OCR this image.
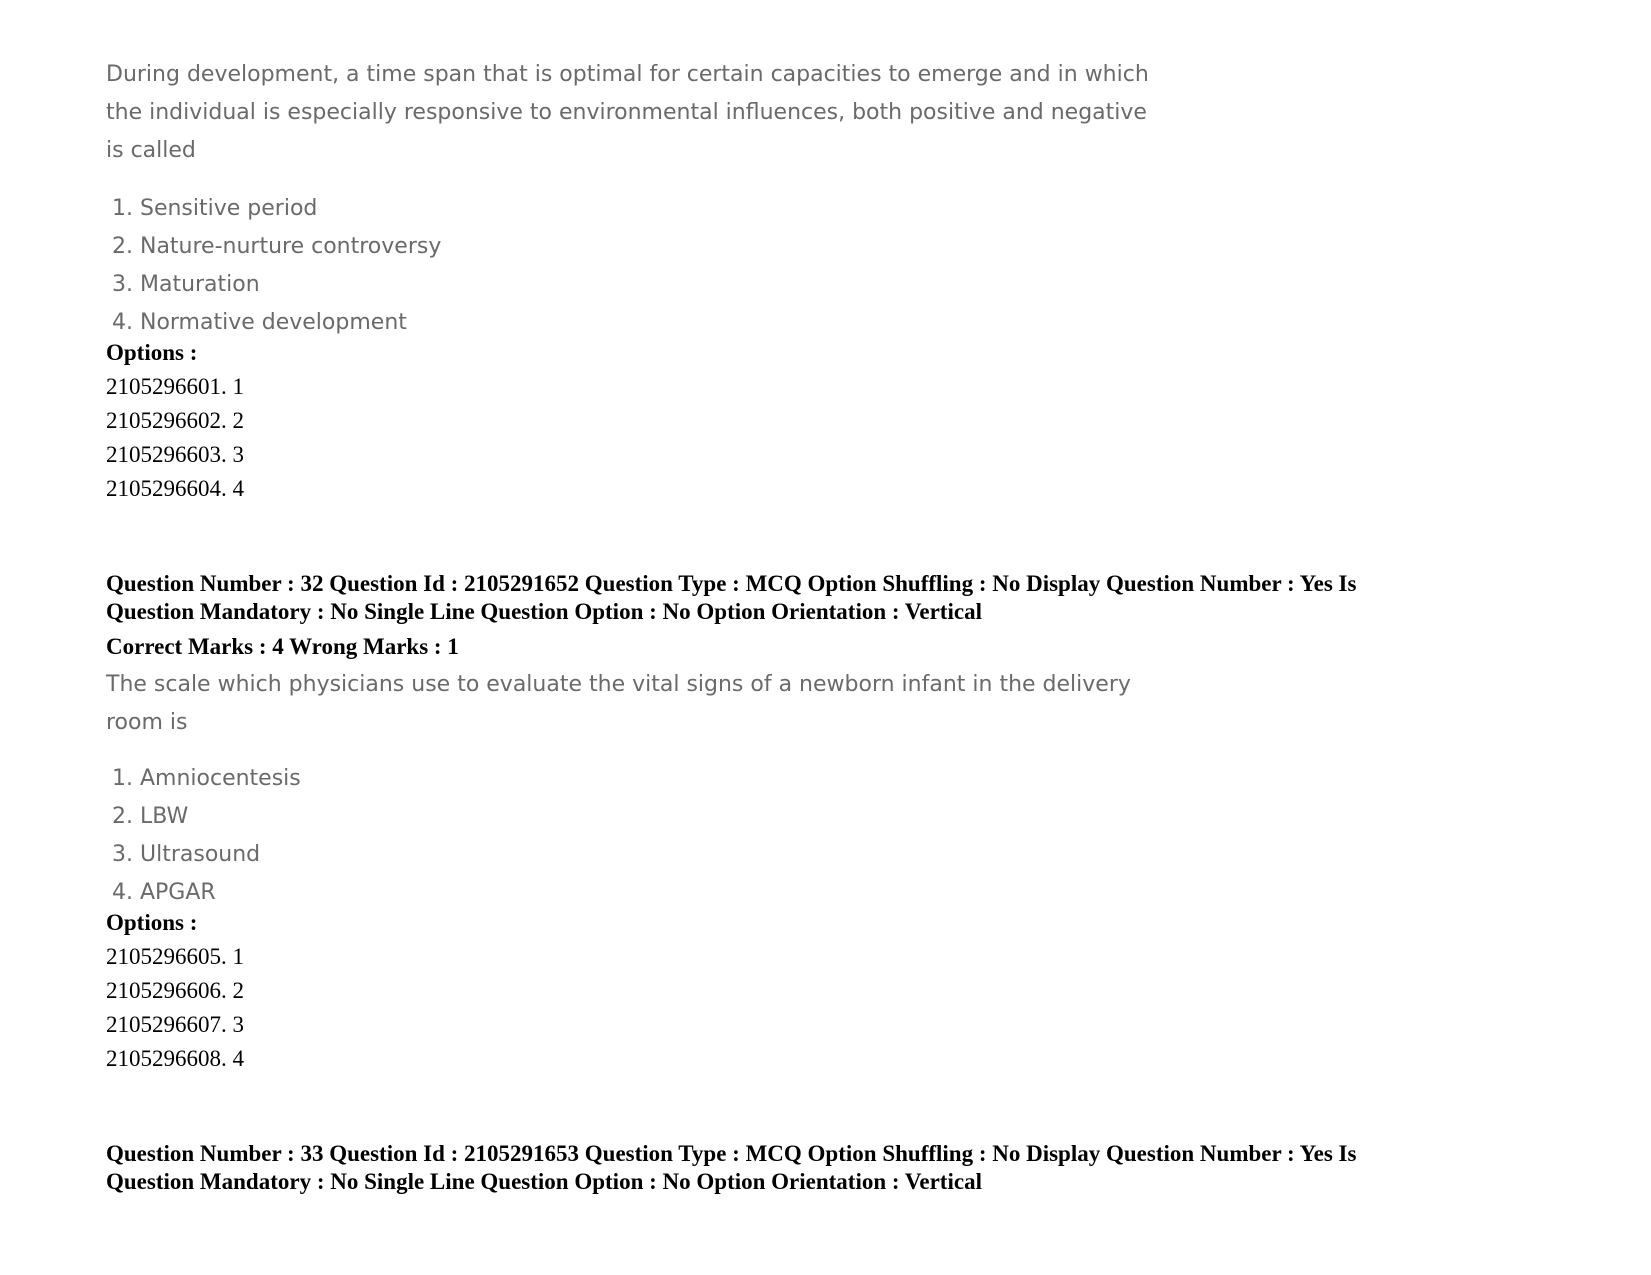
During development, a time span that is optimal for certain capacities to emerge and in which
the individual is especially responsive to environmental influences, both positive and negative
is called
1. Sensitive period
2. Nature-nurture controversy
3. Maturation
4. Normative development
Options :
2105296601. 1
2105296602. 2
2105296603. 3
2105296604. 4
Question Number : 32 Question Id : 2105291652 Question Type : MCQ Option Shuffling : No Display Question Number : Yes Is
Question Mandatory : No Single Line Question Option : No Option Orientation : Vertical
Correct Marks : 4 Wrong Marks : 1
The scale which physicians use to evaluate the vital signs of a newborn infant in the delivery
room is
1. Amniocentesis
2. LBW
3. Ultrasound
4. APGAR
Options :
2105296605. 1
2105296606. 2
2105296607. 3
2105296608. 4
Question Number : 33 Question Id : 2105291653 Question Type : MCQ Option Shuffling : No Display Question Number : Yes Is
Question Mandatory : No Single Line Question Option : No Option Orientation : Vertical
